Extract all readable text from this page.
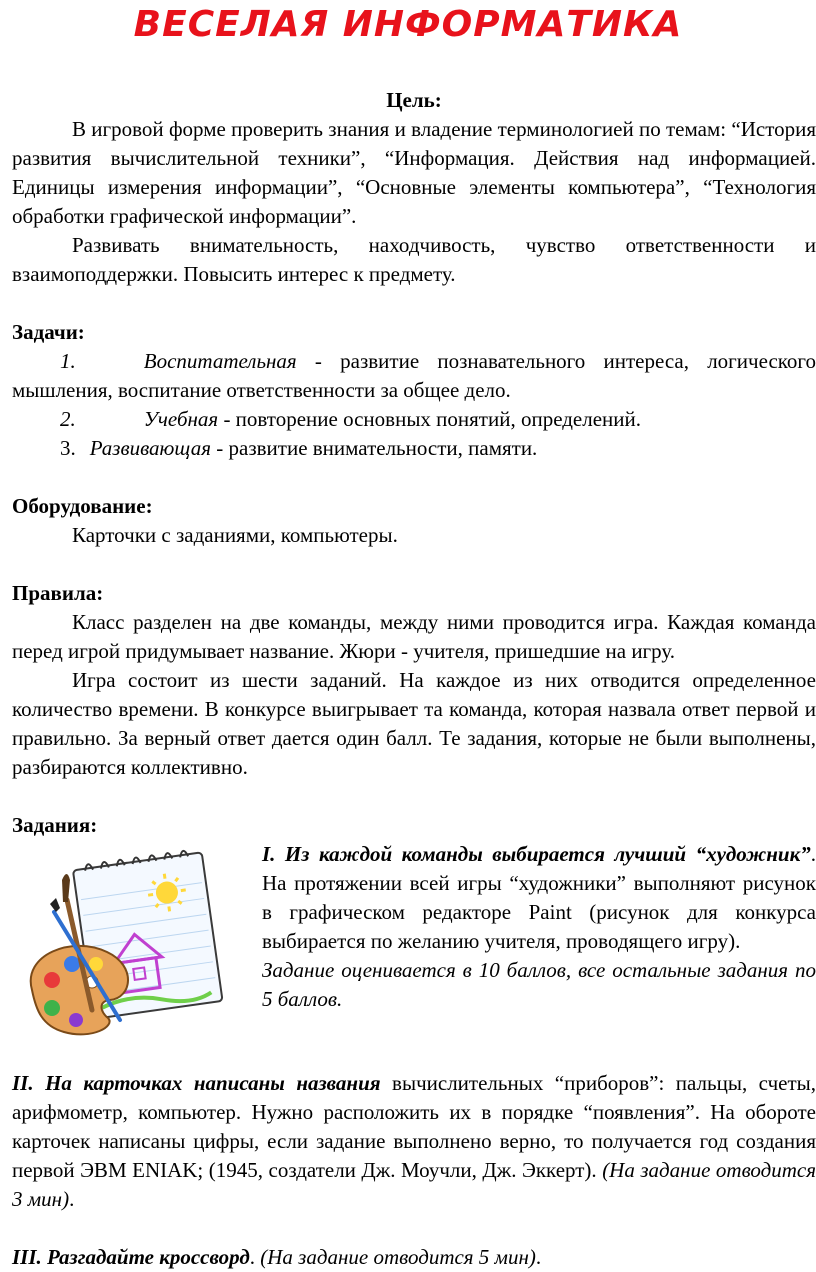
ВЕСЕЛАЯ ИНФОРМАТИКА

Цель:

В игровой форме проверить знания и владение терминологией по темам: “История развития вычислительной техники”, “Информация. Действия над информацией. Единицы измерения информации”, “Основные элементы компьютера”, “Технология обработки графической информации”.

Развивать внимательность, находчивость, чувство ответственности и взаимоподдержки. Повысить интерес к предмету.

Задачи:

1.	Воспитательная - развитие познавательного интереса, логического мышления, воспитание ответственности за общее дело.

2.	Учебная - повторение основных понятий, определений.

3. Развивающая - развитие внимательности, памяти.

Оборудование:

Карточки с заданиями, компьютеры.

Правила:

Класс разделен на две команды, между ними проводится игра. Каждая команда перед игрой придумывает название. Жюри - учителя, пришедшие на игру.

Игра состоит из шести заданий. На каждое из них отводится определенное количество времени. В конкурсе выигрывает та команда, которая назвала ответ первой и правильно. За верный ответ дается один балл. Те задания, которые не были выполнены, разбираются коллективно.

Задания:

I. Из каждой команды выбирается лучший “художник”. На протяжении всей игры “художники” выполняют рисунок в графическом редакторе Paint (рисунок для конкурса выбирается по желанию учителя, проводящего игру).

Задание оценивается в 10 баллов, все остальные задания по 5 баллов.

II. На карточках написаны названия вычислительных “приборов”: пальцы, счеты, арифмометр, компьютер. Нужно расположить их в порядке “появления”. На обороте карточек написаны цифры, если задание выполнено верно, то получается год создания первой ЭВМ ENIAK; (1945, создатели Дж. Моучли, Дж. Эккерт). (На задание отводится 3 мин).

III. Разгадайте кроссворд. (На задание отводится 5 мин).
